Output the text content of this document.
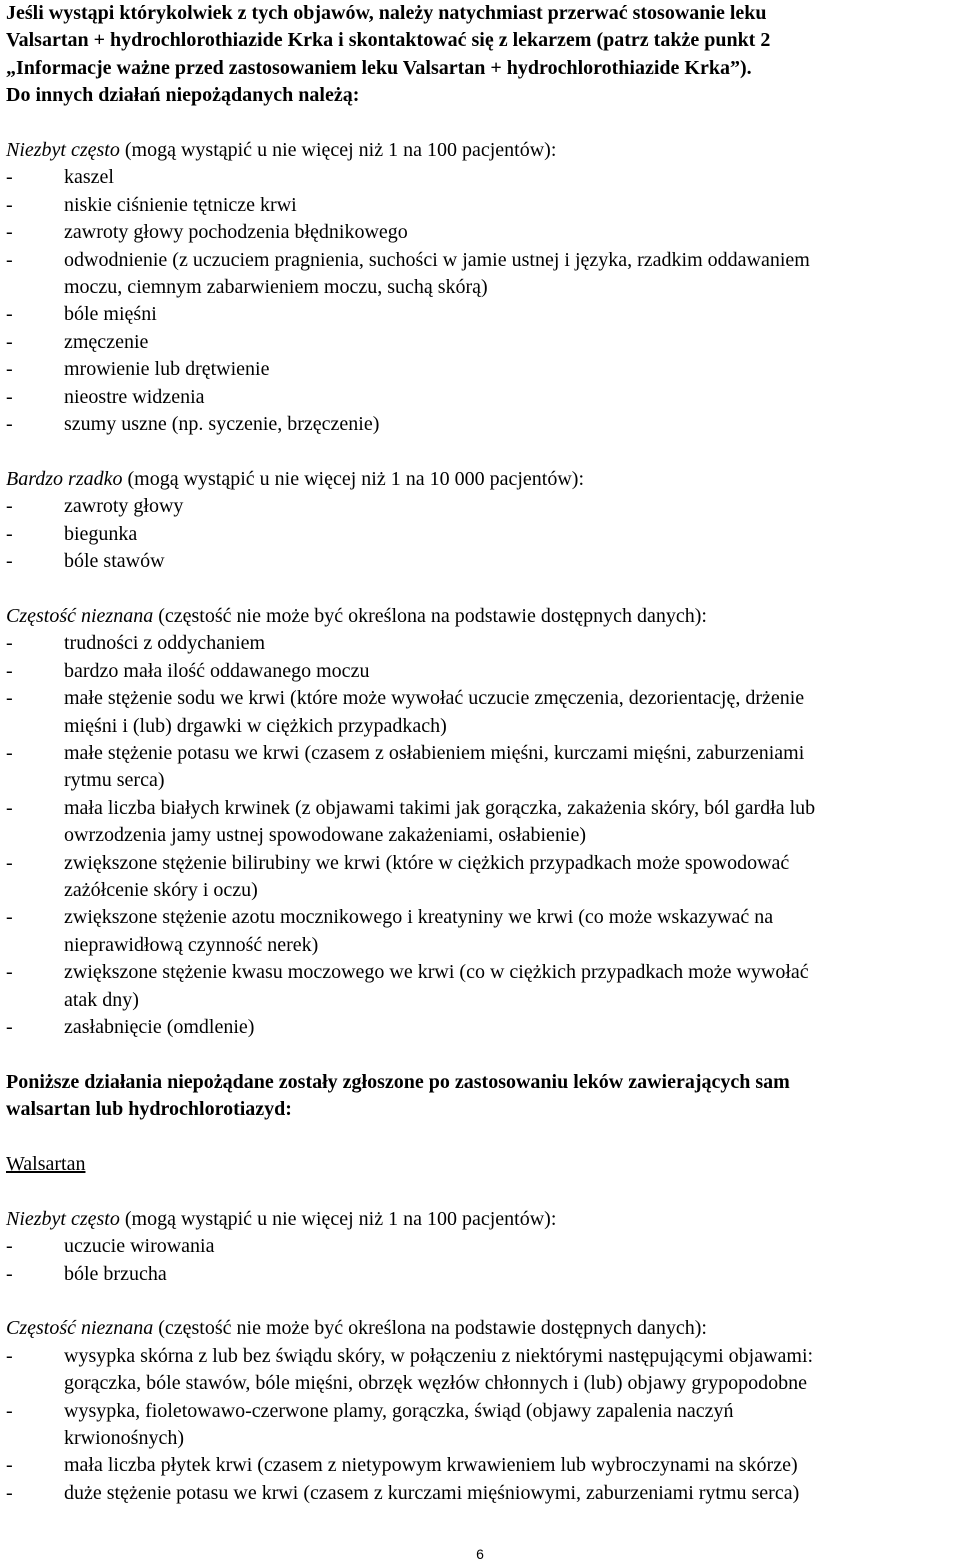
Jeśli wystąpi którykolwiek z tych objawów, należy natychmiast przerwać stosowanie leku
Valsartan + hydrochlorothiazide Krka i skontaktować się z lekarzem (patrz także punkt 2
„Informacje ważne przed zastosowaniem leku Valsartan + hydrochlorothiazide Krka”).
Do innych działań niepożądanych należą:
Niezbyt często (mogą wystąpić u nie więcej niż 1 na 100 pacjentów):
-	kaszel
-	niskie ciśnienie tętnicze krwi
-	zawroty głowy pochodzenia błędnikowego
-	odwodnienie (z uczuciem pragnienia, suchości w jamie ustnej i języka, rzadkim oddawaniem
moczu, ciemnym zabarwieniem moczu, suchą skórą)
-	bóle mięśni
-	zmęczenie
-	mrowienie lub drętwienie
-	nieostre widzenia
-	szumy uszne (np. syczenie, brzęczenie)
Bardzo rzadko (mogą wystąpić u nie więcej niż 1 na 10 000 pacjentów):
-	zawroty głowy
-	biegunka
-	bóle stawów
Częstość nieznana (częstość nie może być określona na podstawie dostępnych danych):
-	trudności z oddychaniem
-	bardzo mała ilość oddawanego moczu
-	małe stężenie sodu we krwi (które może wywołać uczucie zmęczenia, dezorientację, drżenie
mięśni i (lub) drgawki w ciężkich przypadkach)
-	małe stężenie potasu we krwi (czasem z osłabieniem mięśni, kurczami mięśni, zaburzeniami
rytmu serca)
-	mała liczba białych krwinek (z objawami takimi jak gorączka, zakażenia skóry, ból gardła lub
owrzodzenia jamy ustnej spowodowane zakażeniami, osłabienie)
-	zwiększone stężenie bilirubiny we krwi (które w ciężkich przypadkach może spowodować
zażółcenie skóry i oczu)
-	zwiększone stężenie azotu mocznikowego i kreatyniny we krwi (co może wskazywać na
nieprawidłową czynność nerek)
-	zwiększone stężenie kwasu moczowego we krwi (co w ciężkich przypadkach może wywołać
atak dny)
-	zasłabnięcie (omdlenie)
Poniższe działania niepożądane zostały zgłoszone po zastosowaniu leków zawierających sam
walsartan lub hydrochlorotiazyd:
Walsartan
Niezbyt często (mogą wystąpić u nie więcej niż 1 na 100 pacjentów):
-	uczucie wirowania
-	bóle brzucha
Częstość nieznana (częstość nie może być określona na podstawie dostępnych danych):
-	wysypka skórna z lub bez świądu skóry, w połączeniu z niektórymi następującymi objawami:
gorączka, bóle stawów, bóle mięśni, obrzęk węzłów chłonnych i (lub) objawy grypopodobne
-	wysypka, fioletowawo-czerwone plamy, gorączka, świąd (objawy zapalenia naczyń
krwionośnych)
-	mała liczba płytek krwi (czasem z nietypowym krwawieniem lub wybroczynami na skórze)
-	duże stężenie potasu we krwi (czasem z kurczami mięśniowymi, zaburzeniami rytmu serca)
6
